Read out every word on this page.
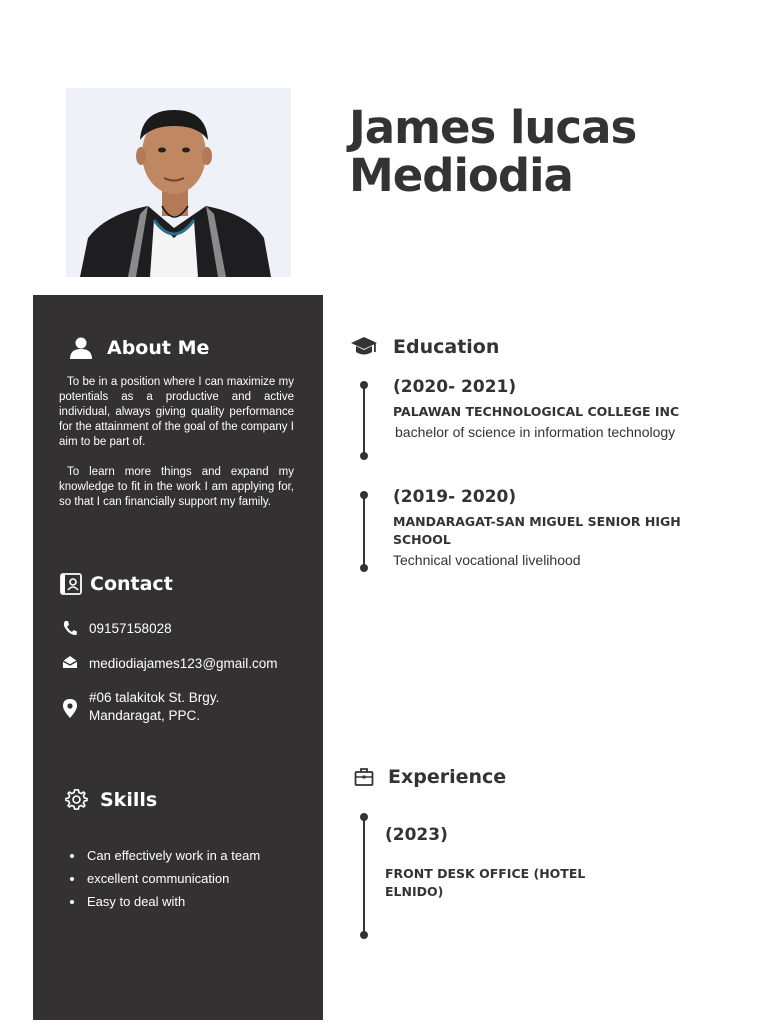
James lucas
Mediodia
About Me

To be in a position where I can maximize my potentials as a productive and active individual, always giving quality performance for the attainment of the goal of the company I aim to be part of.

To learn more things and expand my knowledge to fit in the work I am applying for, so that I can financially support my family.

Contact
09157158028
mediodiajames123@gmail.com
#06 talakitok St. Brgy.
Mandaragat, PPC.
Skills
• Can effectively work in a team
• excellent communication
• Easy to deal with
Education

(2020- 2021)

PALAWAN TECHNOLOGICAL COLLEGE INC

bachelor of science in information technology

(2019- 2020)

MANDARAGAT-SAN MIGUEL SENIOR HIGH SCHOOL

Technical vocational livelihood

Experience

(2023)

FRONT DESK OFFICE (HOTEL ELNIDO)
